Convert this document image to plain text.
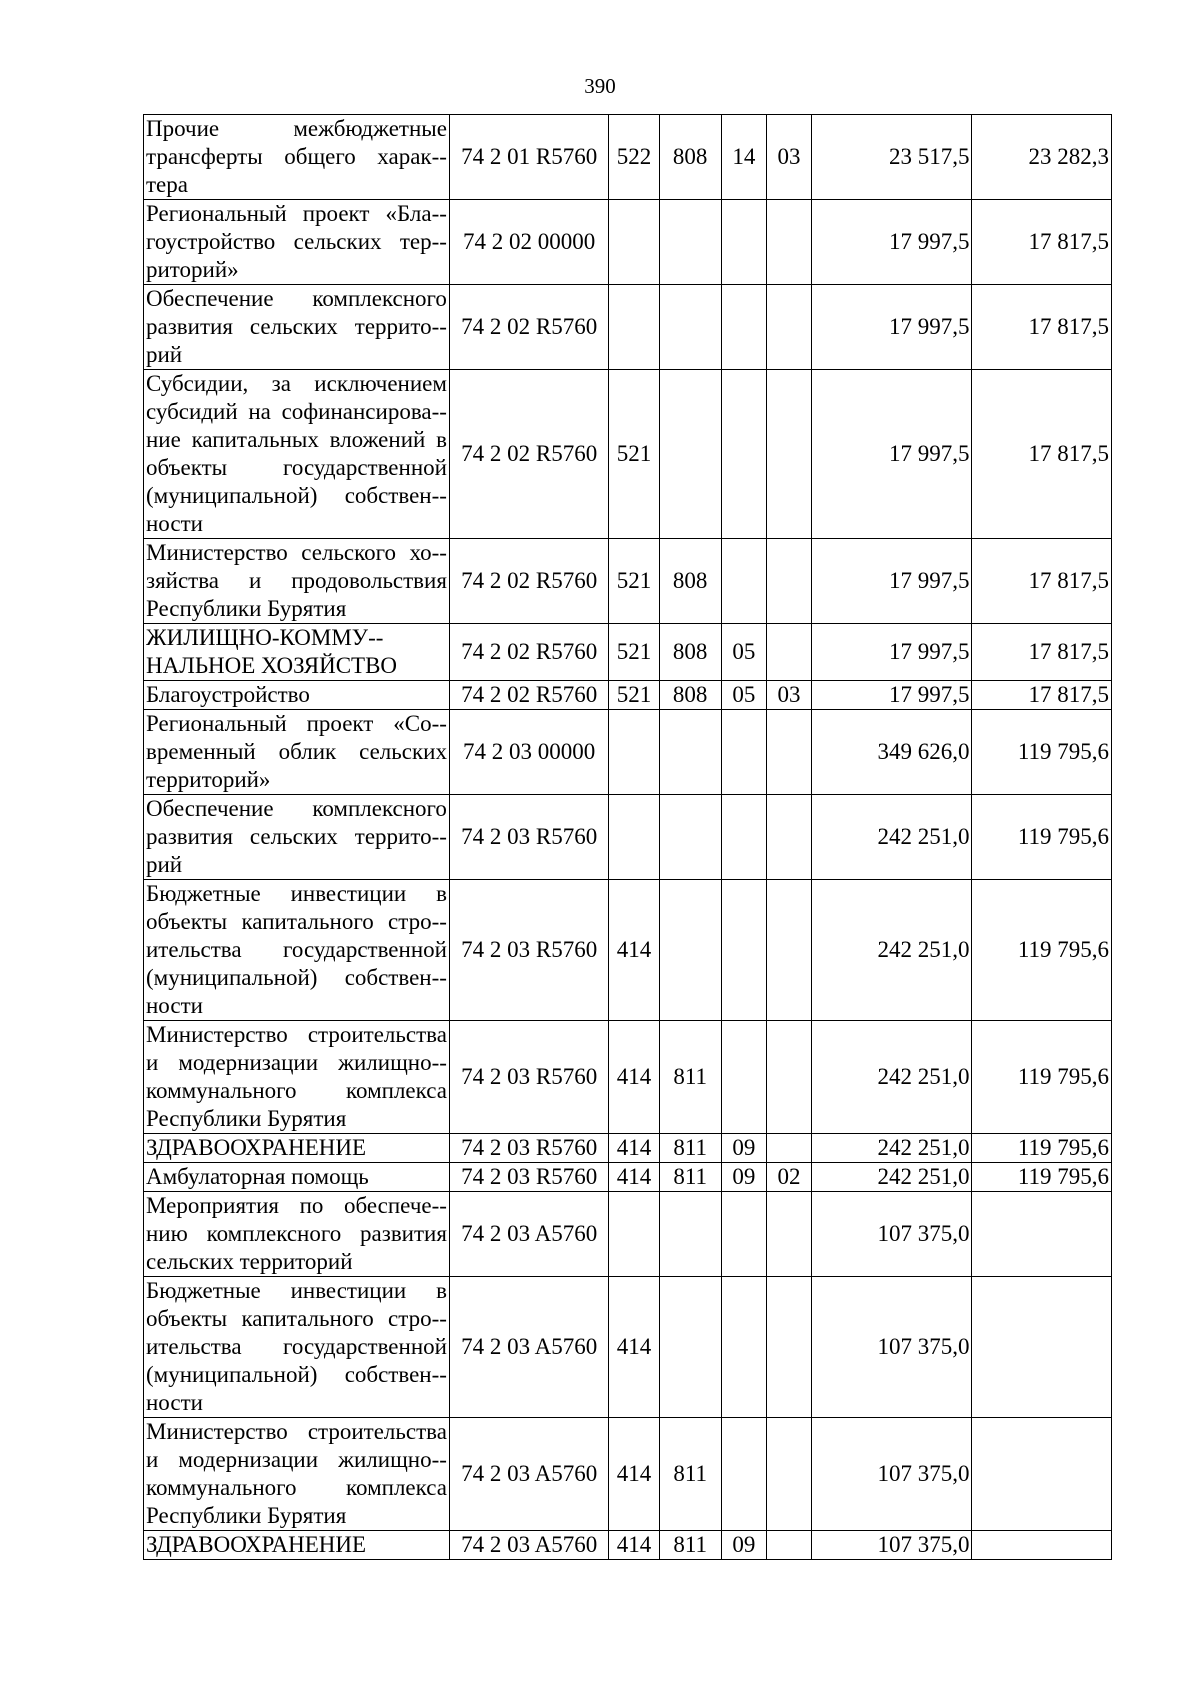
390
Прочие межбюджетные трансферты общего харак-тера	74 2 01 R5760	522	808	14	03	23 517,5	23 282,3
Региональный проект «Бла-гоустройство сельских тер-риторий»	74 2 02 00000					17 997,5	17 817,5
Обеспечение комплексного развития сельских террито-рий	74 2 02 R5760					17 997,5	17 817,5
Субсидии, за исключением субсидий на софинансирова-ние капитальных вложений в объекты государственной (муниципальной) собствен-ности	74 2 02 R5760	521				17 997,5	17 817,5
Министерство сельского хо-зяйства и продовольствия Республики Бурятия	74 2 02 R5760	521	808			17 997,5	17 817,5
ЖИЛИЩНО-КОММУ-НАЛЬНОЕ ХОЗЯЙСТВО	74 2 02 R5760	521	808	05		17 997,5	17 817,5
Благоустройство	74 2 02 R5760	521	808	05	03	17 997,5	17 817,5
Региональный проект «Со-временный облик сельских территорий»	74 2 03 00000					349 626,0	119 795,6
Обеспечение комплексного развития сельских террито-рий	74 2 03 R5760					242 251,0	119 795,6
Бюджетные инвестиции в объекты капитального стро-ительства государственной (муниципальной) собствен-ности	74 2 03 R5760	414				242 251,0	119 795,6
Министерство строительства и модернизации жилищно-коммунального комплекса Республики Бурятия	74 2 03 R5760	414	811			242 251,0	119 795,6
ЗДРАВООХРАНЕНИЕ	74 2 03 R5760	414	811	09		242 251,0	119 795,6
Амбулаторная помощь	74 2 03 R5760	414	811	09	02	242 251,0	119 795,6
Мероприятия по обеспече-нию комплексного развития сельских территорий	74 2 03 A5760					107 375,0	
Бюджетные инвестиции в объекты капитального стро-ительства государственной (муниципальной) собствен-ности	74 2 03 A5760	414				107 375,0	
Министерство строительства и модернизации жилищно-коммунального комплекса Республики Бурятия	74 2 03 A5760	414	811			107 375,0	
ЗДРАВООХРАНЕНИЕ	74 2 03 A5760	414	811	09		107 375,0	
